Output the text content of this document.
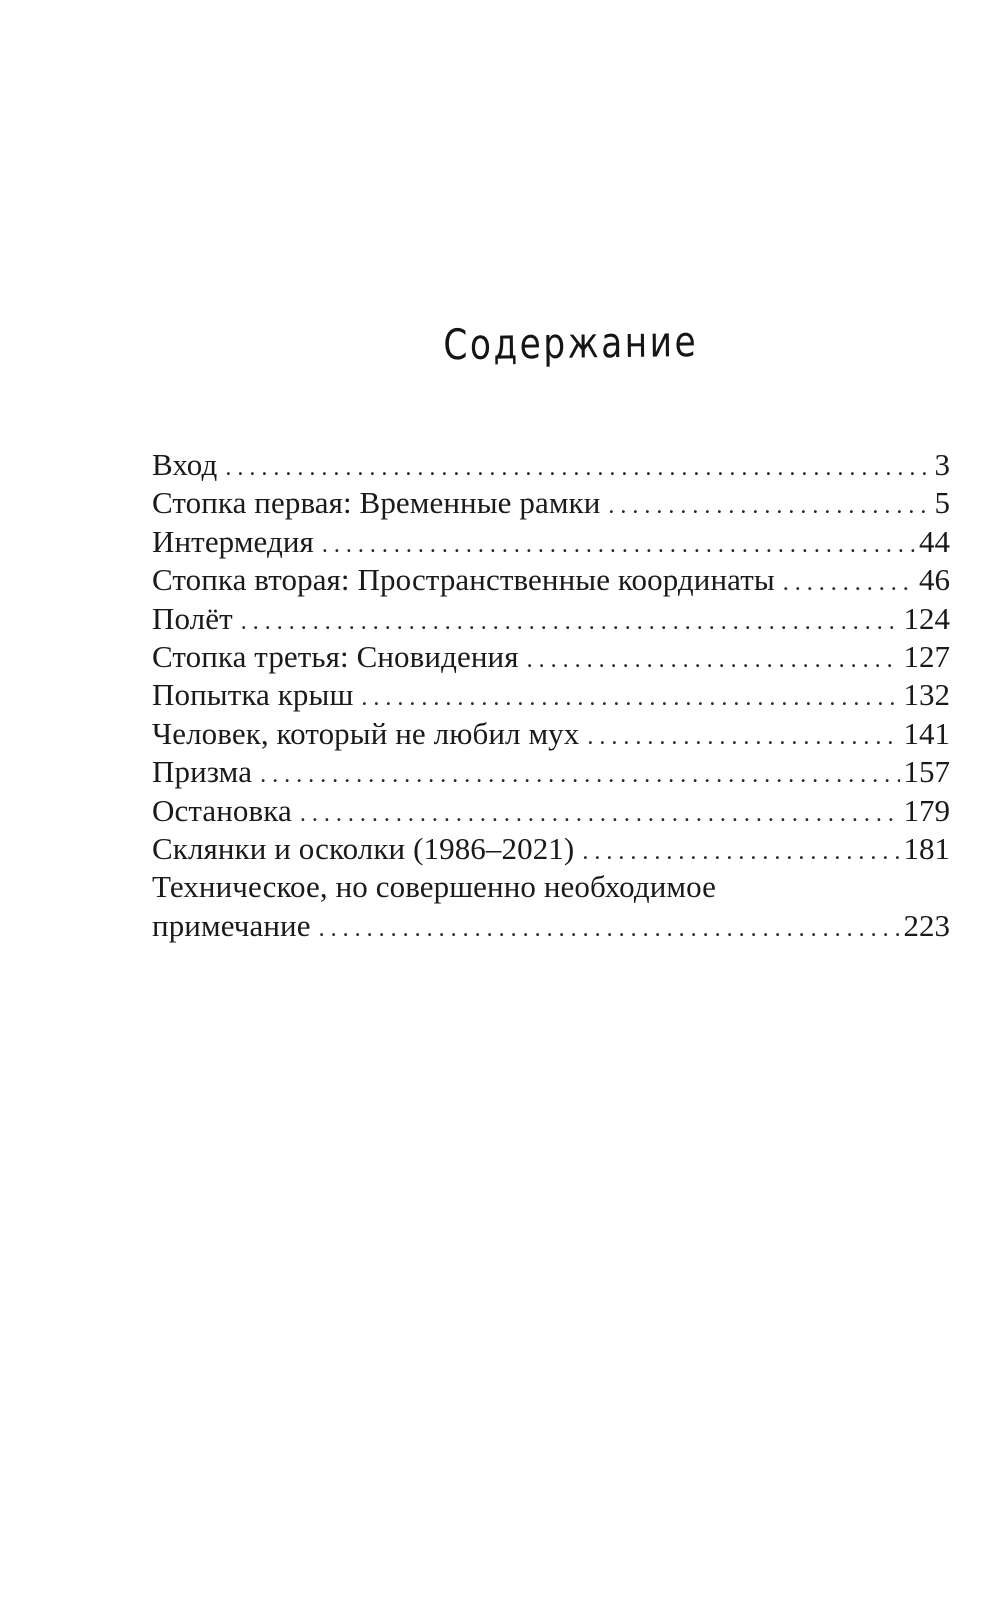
Содержание
Вход . . .	3
Стопка первая: Временные рамки . . .	5
Интермедия . . .	44
Стопка вторая: Пространственные координаты . . .	46
Полёт . . .	124
Стопка третья: Сновидения . . .	127
Попытка крыш . . .	132
Человек, который не любил мух . . .	141
Призма . . .	157
Остановка . . .	179
Склянки и осколки (1986–2021) . . .	181
Техническое, но совершенно необходимое
примечание . . .	223
